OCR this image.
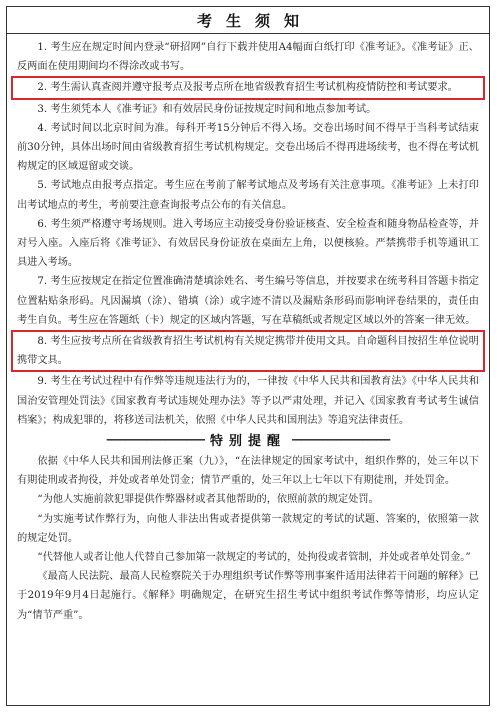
考生须知

1. 考生应在规定时间内登录“研招网”自行下载并使用A4幅面白纸打印《准考证》。《准考证》正、反两面在使用期间均不得涂改或书写。

2. 考生需认真查阅并遵守报考点及报考点所在地省级教育招生考试机构疫情防控和考试要求。

3. 考生须凭本人《准考证》和有效居民身份证按规定时间和地点参加考试。

4. 考试时间以北京时间为准。每科开考15分钟后不得入场。交卷出场时间不得早于当科考试结束前30分钟，具体出场时间由省级教育招生考试机构规定。交卷出场后不得再进场续考，也不得在考试机构规定的区域逗留或交谈。

5. 考试地点由报考点指定。考生应在考前了解考试地点及考场有关注意事项。《准考证》上未打印出考试地点的考生，考前要注意查询报考点公布的有关信息。

6. 考生须严格遵守考场规则。进入考场应主动接受身份验证核查、安全检查和随身物品检查等，并对号入座。入座后将《准考证》、有效居民身份证放在桌面左上角，以便核验。严禁携带手机等通讯工具进入考场。

7. 考生应按规定在指定位置准确清楚填涂姓名、考生编号等信息，并按要求在统考科目答题卡指定位置粘贴条形码。凡因漏填（涂）、错填（涂）或字迹不清以及漏贴条形码而影响评卷结果的，责任由考生自负。考生应在答题纸（卡）规定的区域内答题，写在草稿纸或者规定区域以外的答案一律无效。

8. 考生应按考点所在省级教育招生考试机构有关规定携带并使用文具。自命题科目按招生单位说明携带文具。

9. 考生在考试过程中有作弊等违规违法行为的，一律按《中华人民共和国教育法》《中华人民共和国治安管理处罚法》《国家教育考试违规处理办法》等予以严肃处理，并记入《国家教育考试考生诚信档案》；构成犯罪的，将移送司法机关，依照《中华人民共和国刑法》等追究法律责任。

━━━━━━━━━━━━━━━━━━━━━━ 特别提醒 ━━━━━━━━━━━━━━━━━━━━━━

依据《中华人民共和国刑法修正案（九）》，“在法律规定的国家考试中，组织作弊的，处三年以下有期徒刑或者拘役，并处或者单处罚金；情节严重的，处三年以上七年以下有期徒刑，并处罚金。

“为他人实施前款犯罪提供作弊器材或者其他帮助的，依照前款的规定处罚。

“为实施考试作弊行为，向他人非法出售或者提供第一款规定的考试的试题、答案的，依照第一款的规定处罚。

“代替他人或者让他人代替自己参加第一款规定的考试的，处拘役或者管制，并处或者单处罚金。”

《最高人民法院、最高人民检察院关于办理组织考试作弊等刑事案件适用法律若干问题的解释》已于2019年9月4日起施行。《解释》明确规定，在研究生招生考试中组织考试作弊等情形，均应认定为“情节严重”。
